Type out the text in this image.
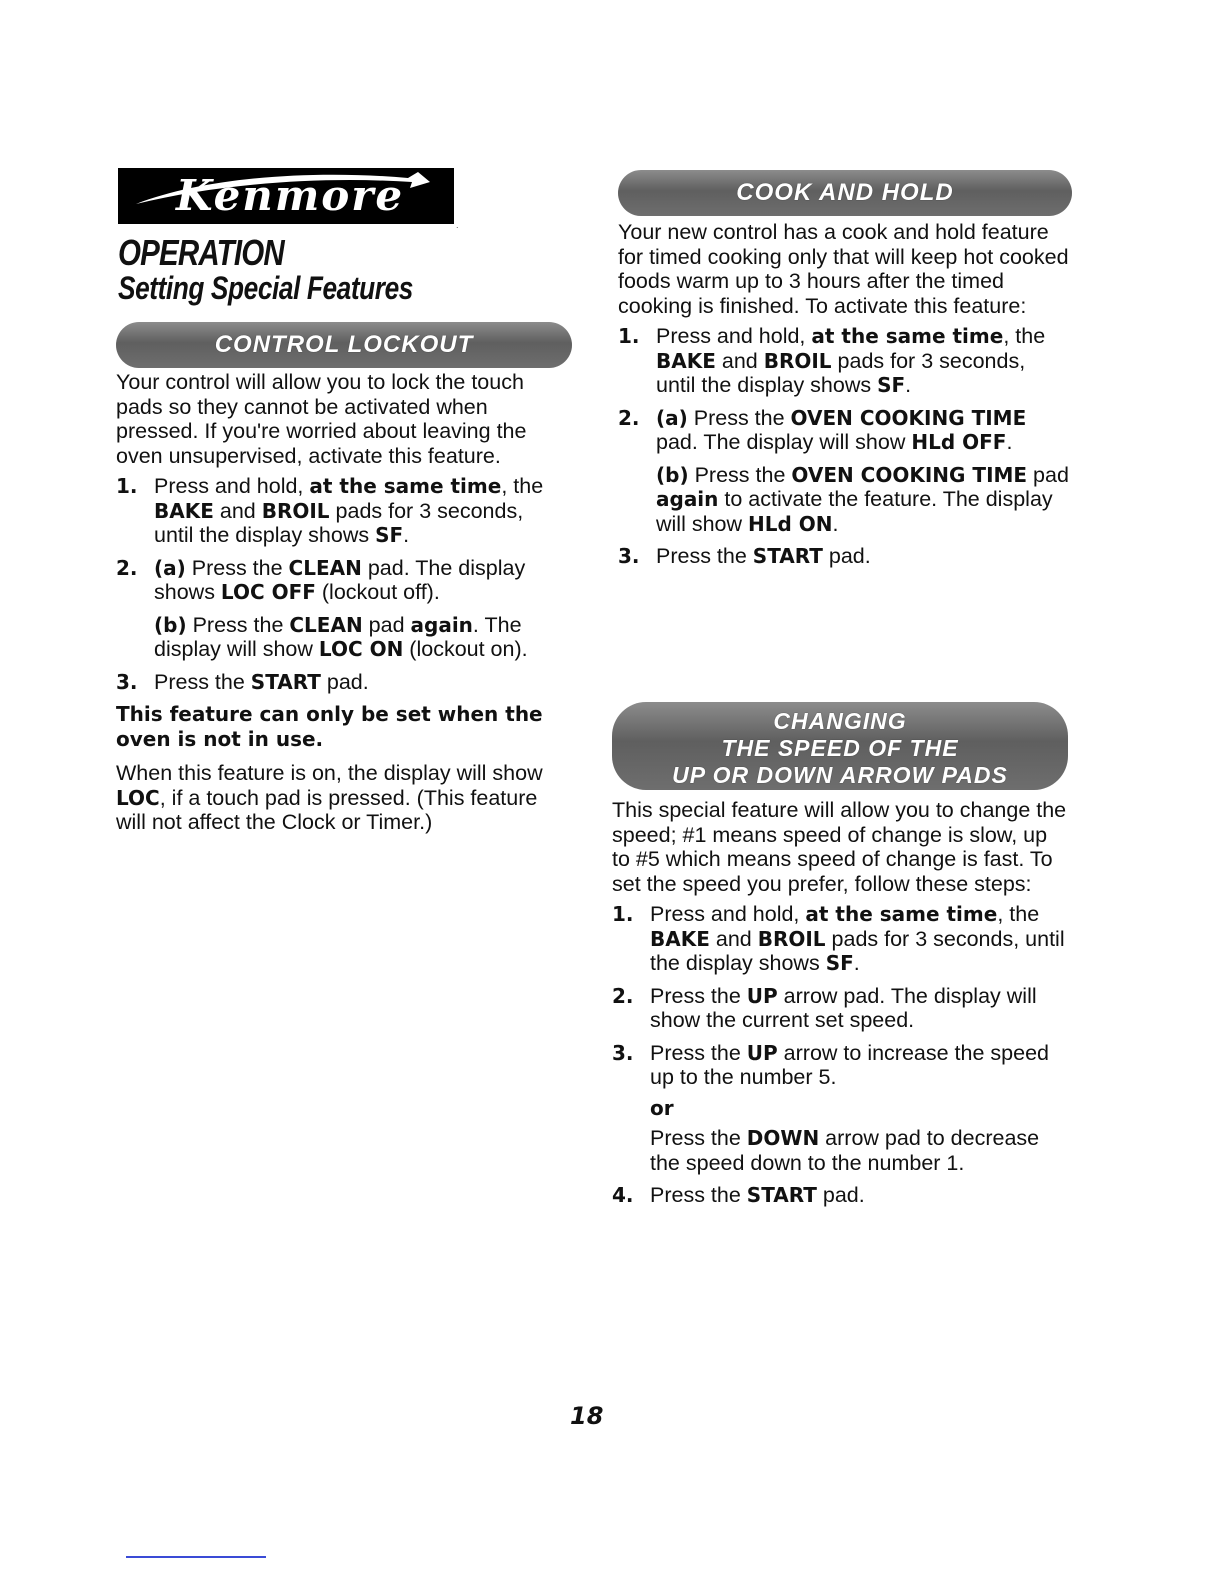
Kenmore
.
OPERATION
Setting Special Features
CONTROL LOCKOUT

Your control will allow you to lock the touch pads so they cannot be activated when pressed. If you're worried about leaving the oven unsupervised, activate this feature.

1. Press and hold, at the same time, the BAKE and BROIL pads for 3 seconds, until the display shows SF.
2. (a) Press the CLEAN pad. The display shows LOC OFF (lockout off).
(b) Press the CLEAN pad again. The display will show LOC ON (lockout on).
3. Press the START pad.
This feature can only be set when the oven is not in use.

When this feature is on, the display will show LOC, if a touch pad is pressed. (This feature will not affect the Clock or Timer.)

COOK AND HOLD

Your new control has a cook and hold feature for timed cooking only that will keep hot cooked foods warm up to 3 hours after the timed cooking is finished. To activate this feature:

1. Press and hold, at the same time, the BAKE and BROIL pads for 3 seconds, until the display shows SF.
2. (a) Press the OVEN COOKING TIME pad. The display will show HLd OFF.
(b) Press the OVEN COOKING TIME pad again to activate the feature. The display will show HLd ON.
3. Press the START pad.
CHANGING
THE SPEED OF THE
UP OR DOWN ARROW PADS

This special feature will allow you to change the speed; #1 means speed of change is slow, up to #5 which means speed of change is fast. To set the speed you prefer, follow these steps:

1. Press and hold, at the same time, the BAKE and BROIL pads for 3 seconds, until the display shows SF.
2. Press the UP arrow pad. The display will show the current set speed.
3. Press the UP arrow to increase the speed up to the number 5.
or
Press the DOWN arrow pad to decrease the speed down to the number 1.
4. Press the START pad.
18
